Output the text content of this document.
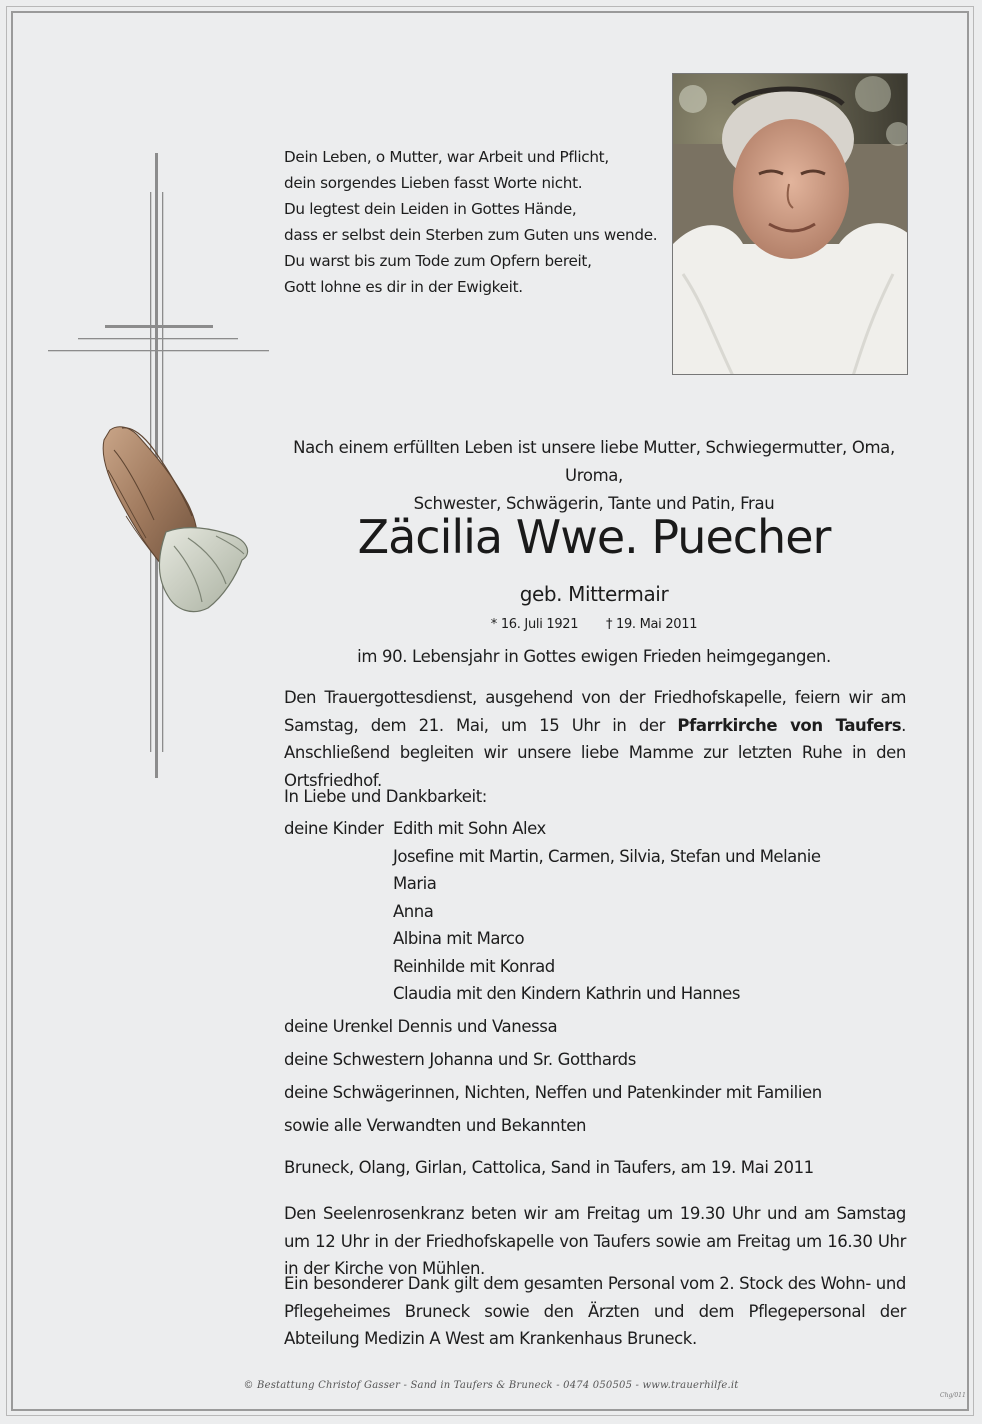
Dein Leben, o Mutter, war Arbeit und Pflicht,
dein sorgendes Lieben fasst Worte nicht.
Du legtest dein Leiden in Gottes Hände,
dass er selbst dein Sterben zum Guten uns wende.
Du warst bis zum Tode zum Opfern bereit,
Gott lohne es dir in der Ewigkeit.
Nach einem erfüllten Leben ist unsere liebe Mutter, Schwiegermutter, Oma, Uroma,
Schwester, Schwägerin, Tante und Patin, Frau
Zäcilia Wwe. Puecher
geb. Mittermair
* 16. Juli 1921 † 19. Mai 2011
im 90. Lebensjahr in Gottes ewigen Frieden heimgegangen.
Den Trauergottesdienst, ausgehend von der Friedhofskapelle, feiern wir am Samstag, dem 21. Mai, um 15 Uhr in der Pfarrkirche von Taufers. Anschließend begleiten wir unsere liebe Mamme zur letzten Ruhe in den Ortsfriedhof.
In Liebe und Dankbarkeit:
deine Kinder Edith mit Sohn Alex
Josefine mit Martin, Carmen, Silvia, Stefan und Melanie
Maria
Anna
Albina mit Marco
Reinhilde mit Konrad
Claudia mit den Kindern Kathrin und Hannes
deine Urenkel Dennis und Vanessa
deine Schwestern Johanna und Sr. Gotthards
deine Schwägerinnen, Nichten, Neffen und Patenkinder mit Familien
sowie alle Verwandten und Bekannten
Bruneck, Olang, Girlan, Cattolica, Sand in Taufers, am 19. Mai 2011
Den Seelenrosenkranz beten wir am Freitag um 19.30 Uhr und am Samstag um 12 Uhr in der Friedhofskapelle von Taufers sowie am Freitag um 16.30 Uhr in der Kirche von Mühlen.
Ein besonderer Dank gilt dem gesamten Personal vom 2. Stock des Wohn- und Pflegeheimes Bruneck sowie den Ärzten und dem Pflegepersonal der Abteilung Medizin A West am Krankenhaus Bruneck.
© Bestattung Christof Gasser - Sand in Taufers & Bruneck - 0474 050505 - www.trauerhilfe.it
Chg/011
